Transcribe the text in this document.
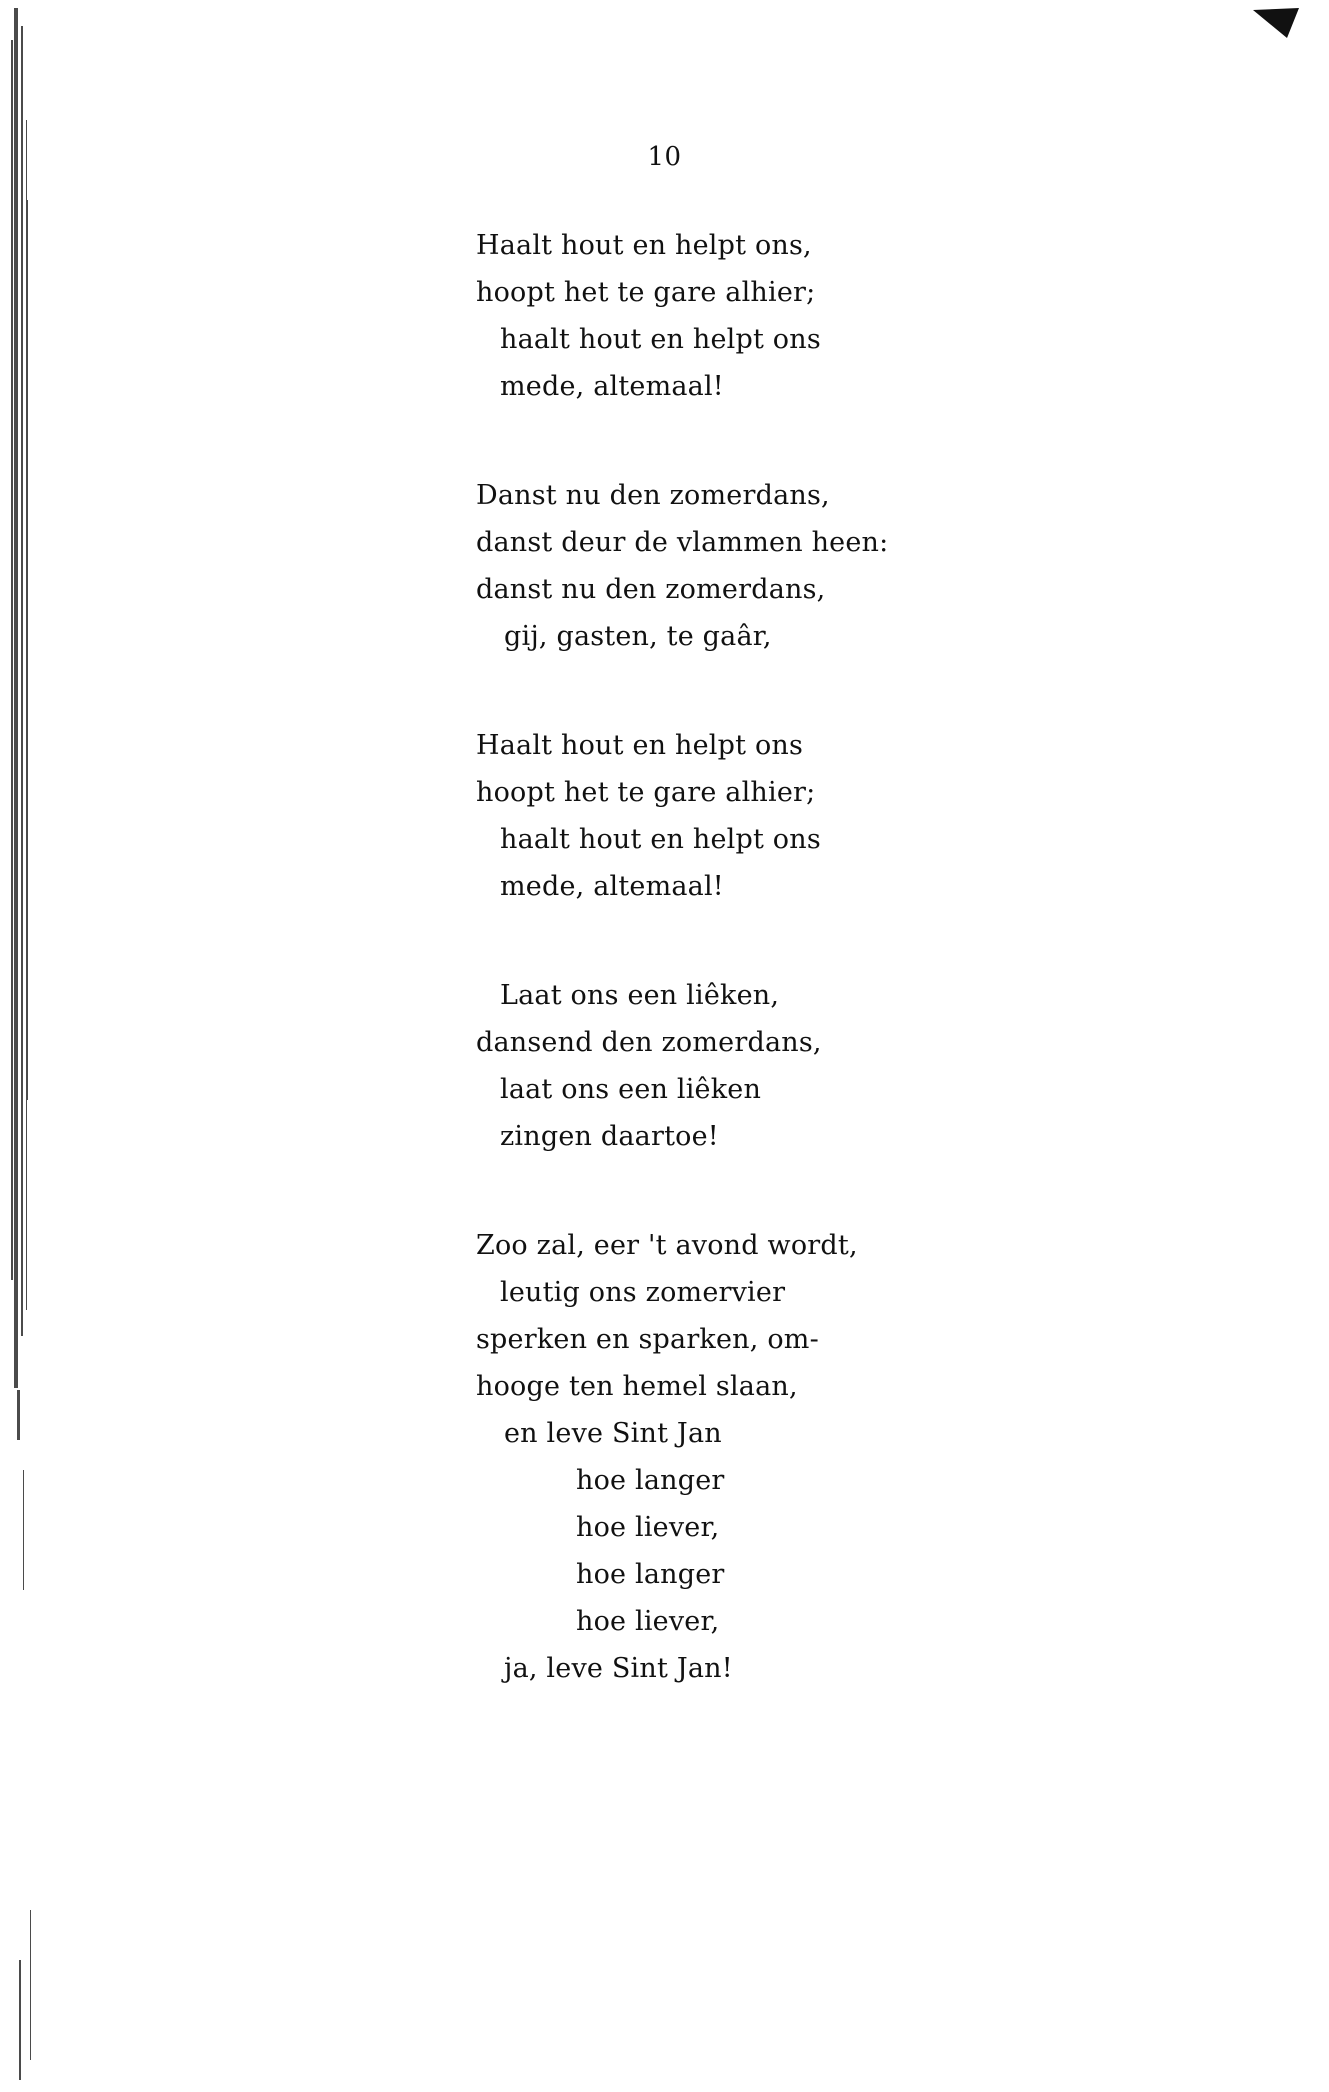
10
Haalt hout en helpt ons,
hoopt het te gare alhier;
haalt hout en helpt ons
mede, altemaal!
Danst nu den zomerdans,
danst deur de vlammen heen:
danst nu den zomerdans,
gij, gasten, te gaâr,
Haalt hout en helpt ons
hoopt het te gare alhier;
haalt hout en helpt ons
mede, altemaal!
Laat ons een liêken,
dansend den zomerdans,
laat ons een liêken
zingen daartoe!
Zoo zal, eer 't avond wordt,
leutig ons zomervier
sperken en sparken, om-
hooge ten hemel slaan,
en leve Sint Jan
hoe langer
hoe liever,
hoe langer
hoe liever,
ja, leve Sint Jan!
